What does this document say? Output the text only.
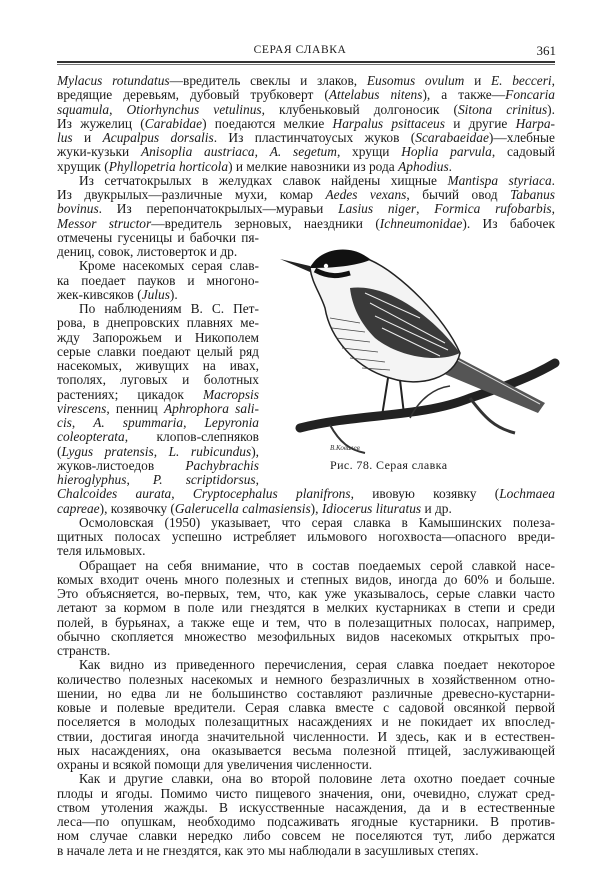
СЕРАЯ СЛАВКА	361
Mylacus rotundatus—вредитель свеклы и злаков, Eusomus ovulum и E. becceri,
вредящие деревьям, дубовый трубковерт (Attelabus nitens), а также—Foncaria
squamula, Otiorhynchus vetulinus, клубеньковый долгоносик (Sitona crinitus).
Из жужелиц (Carabidae) поедаются мелкие Harpalus psittaceus и другие Harpa-
lus и Acupalpus dorsalis. Из пластинчатоусых жуков (Scarabaeidae)—хлебные
жуки-кузьки Anisoplia austriaca, A. segetum, хрущи Hoplia parvula, садовый
хрущик (Phyllopetria horticola) и мелкие навозники из рода Aphodius.
Из сетчатокрылых в желудках славок найдены хищные Mantispa styriaca.
Из двукрылых—различные мухи, комар Aedes vexans, бычий овод Tabanus
bovinus. Из перепончатокрылых—муравьи Lasius niger, Formica rufobarbis,
Messor structor—вредитель зерновых, наездники (Ichneumonidae). Из бабочек
отмечены гусеницы и бабочки пя-
дениц, совок, листоверток и др.
Кроме насекомых серая слав-
ка поедает пауков и многоно-
жек-кивсяков (Julus).
По наблюдениям В. С. Пет-
рова, в днепровских плавнях ме-
жду Запорожьем и Никополем
серые славки поедают целый ряд
насекомых, живущих на ивах,
тополях, луговых и болотных
растениях; цикадок Macropsis
virescens, пенниц Aphrophora sali-
cis, A. spummaria, Lepyronia
coleopterata, клопов-слепняков
(Lygus pratensis, L. rubicundus),
жуков-листоедов Pachybrachis
hieroglyphus, P. scriptidorsus,
Chalcoides aurata, Cryptocephalus planifrons, ивовую козявку (Lochmaea
capreae), козявочку (Galerucella calmasiensis), Idiocerus lituratus и др.
Осмоловская (1950) указывает, что серая славка в Камышинских полеза-
щитных полосах успешно истребляет ильмового ногохвоста—опасного вреди-
теля ильмовых.
Обращает на себя внимание, что в состав поедаемых серой славкой насе-
комых входит очень много полезных и степных видов, иногда до 60% и больше.
Это объясняется, во-первых, тем, что, как уже указывалось, серые славки часто
летают за кормом в поле или гнездятся в мелких кустарниках в степи и среди
полей, в бурьянах, а также еще и тем, что в полезащитных полосах, например,
обычно скопляется множество мезофильных видов насекомых открытых про-
странств.
Как видно из приведенного перечисления, серая славка поедает некоторое
количество полезных насекомых и немного безразличных в хозяйственном отно-
шении, но едва ли не большинство составляют различные древесно-кустарни-
ковые и полевые вредители. Серая славка вместе с садовой овсянкой первой
поселяется в молодых полезащитных насаждениях и не покидает их впослед-
ствии, достигая иногда значительной численности. И здесь, как и в естествен-
ных насаждениях, она оказывается весьма полезной птицей, заслуживающей
охраны и всякой помощи для увеличения численности.
Как и другие славки, она во второй половине лета охотно поедает сочные
плоды и ягоды. Помимо чисто пищевого значения, они, очевидно, служат сред-
ством утоления жажды. В искусственные насаждения, да и в естественные
леса—по опушкам, необходимо подсаживать ягодные кустарники. В против-
ном случае славки нередко либо совсем не поселяются тут, либо держатся
в начале лета и не гнездятся, как это мы наблюдали в засушливых степях.
В.Ковалев
Рис. 78. Серая славка
